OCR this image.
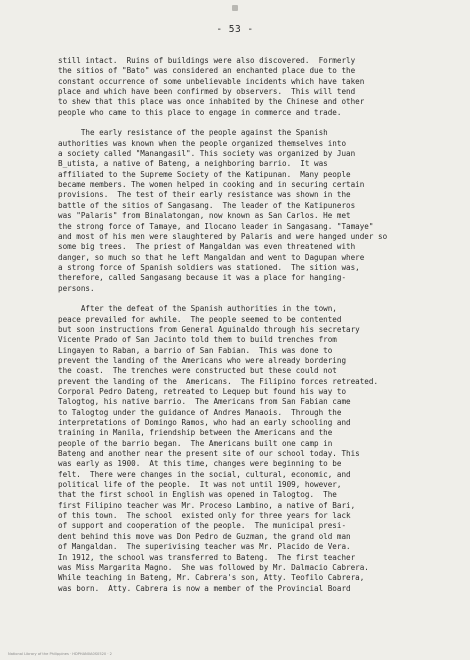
- 53 -
still intact.  Ruins of buildings were also discovered.  Formerly
the sitios of "Bato" was considered an enchanted place due to the
constant occurrence of some unbelievable incidents which have taken
place and which have been confirmed by observers.  This will tend
to shew that this place was once inhabited by the Chinese and other
people who came to this place to engage in commerce and trade.
The early resistance of the people against the Spanish
authorities was known when the people organized themselves into
a society called "Manangasil". This society was organized by Juan
B_utista, a native of Bateng, a neighboring barrio.  It was
affiliated to the Supreme Society of the Katipunan.  Many people
became members. The women helped in cooking and in securing certain
provisions.  The test of their early resistance was shown in the
battle of the sitios of Sangasang.  The leader of the Katipuneros
was "Palaris" from Binalatongan, now known as San Carlos. He met
the strong force of Tamaye, and Ilocano leader in Sangasang. "Tamaye"
and most of his men were slaughtered by Palaris and were hanged under so
some big trees.  The priest of Mangaldan was even threatened with
danger, so much so that he left Mangaldan and went to Dagupan where
a strong force of Spanish soldiers was stationed.  The sition was,
therefore, called Sangasang because it was a place for hanging-
persons.
After the defeat of the Spanish authorities in the town,
peace prevailed for awhile.  The people seemed to be contented
but soon instructions from General Aguinaldo through his secretary
Vicente Prado of San Jacinto told them to build trenches from
Lingayen to Raban, a barrio of San Fabian.  This was done to
prevent the landing of the Americans who were already bordering
the coast.  The trenches were constructed but these could not
prevent the landing of the  Americans.  The Filipino forces retreated.
Corporal Pedro Dateng, retreated to Lequep but found his way to
Talogtog, his native barrio.  The Americans from San Fabian came
to Talogtog under the guidance of Andres Manaois.  Through the
interpretations of Domingo Ramos, who had an early schooling and
training in Manila, friendship between the Americans and the
people of the barrio began.  The Americans built one camp in
Bateng and another near the present site of our school today. This
was early as 1900.  At this time, changes were beginning to be
felt.  There were changes in the social, cultural, economic, and
political life of the people.  It was not until 1909, however,
that the first school in English was opened in Talogtog.  The
first Filipino teacher was Mr. Proceso Lambino, a native of Bari,
of this town.  The school  existed only for three years for lack
of support and cooperation of the people.  The municipal presi-
dent behind this move was Don Pedro de Guzman, the grand old man
of Mangaldan.  The superivising teacher was Mr. Placido de Vera.
In 1912, the school was transferred to Bateng.  The first teacher
was Miss Margarita Magno.  She was followed by Mr. Dalmacio Cabrera.
While teaching in Bateng, Mr. Cabrera's son, Atty. Teofilo Cabrera,
was born.  Atty. Cabrera is now a member of the Provincial Board
National Library of the Philippines · HDPHAN0A0S0520 · 2
